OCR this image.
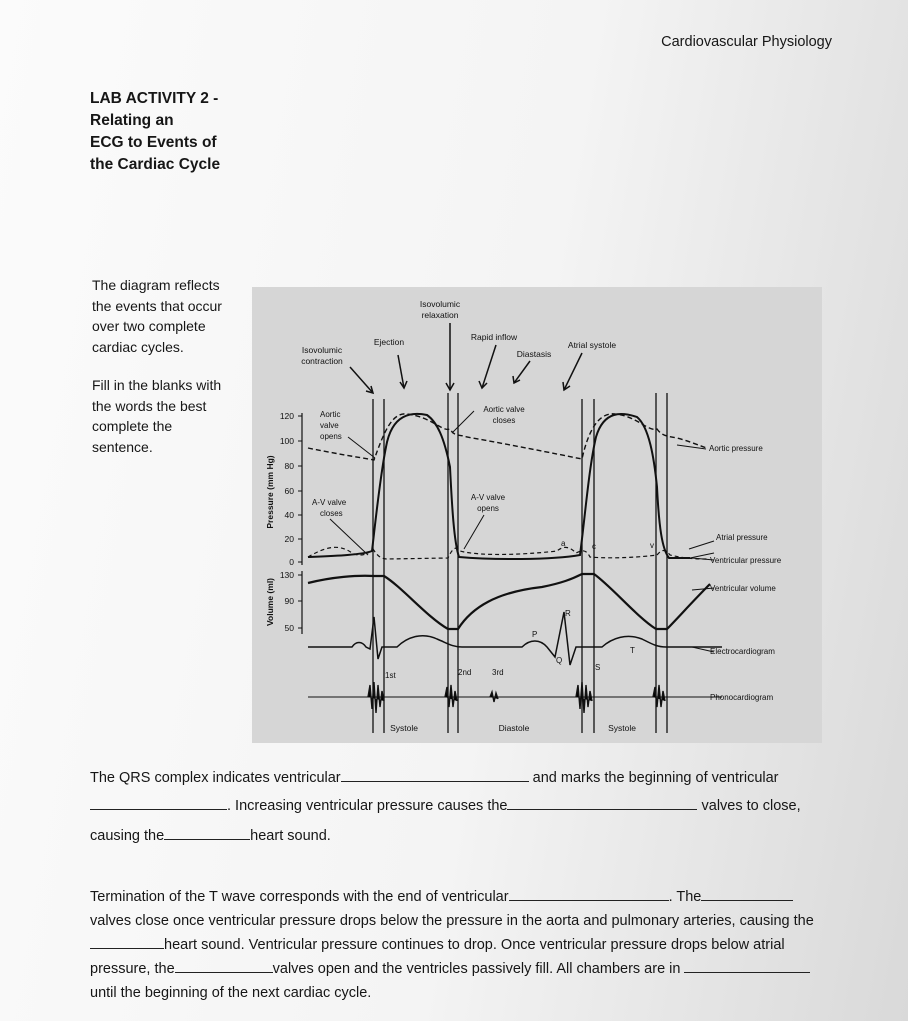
Cardiovascular Physiology
LAB ACTIVITY 2 -
Relating an
ECG to Events of
the Cardiac Cycle
The diagram reflects
the events that occur
over two complete
cardiac cycles.
Fill in the blanks with
the words the best
complete the
sentence.
Isovolumic
relaxation
Isovolumic
contraction
Ejection	Rapid inflow
Diastasis
Atrial systole
120
100
80
60
40
20
0
Pressure (mm Hg)
130
90
50
Volume (ml)
Aortic
valve
opens
Aortic valve
closes
A-V valve
closes
A-V valve
opens
a	c	v
P
Q
R
S
T
1st	2nd	3rd
Systole	Diastole	Systole
Aortic pressure
Atrial pressure
Ventricular pressure
Ventricular volume
Electrocardiogram
Phonocardiogram
The QRS complex indicates ventricular	and marks the beginning of ventricular
. Increasing ventricular pressure causes the	valves to close,
causing the	heart sound.
Termination of the T wave corresponds with the end of ventricular	. The
valves close once ventricular pressure drops below the pressure in the aorta and pulmonary arteries, causing the
heart sound. Ventricular pressure continues to drop. Once ventricular pressure drops below atrial
pressure, the	valves open and the ventricles passively fill. All chambers are in
until the beginning of the next cardiac cycle.
